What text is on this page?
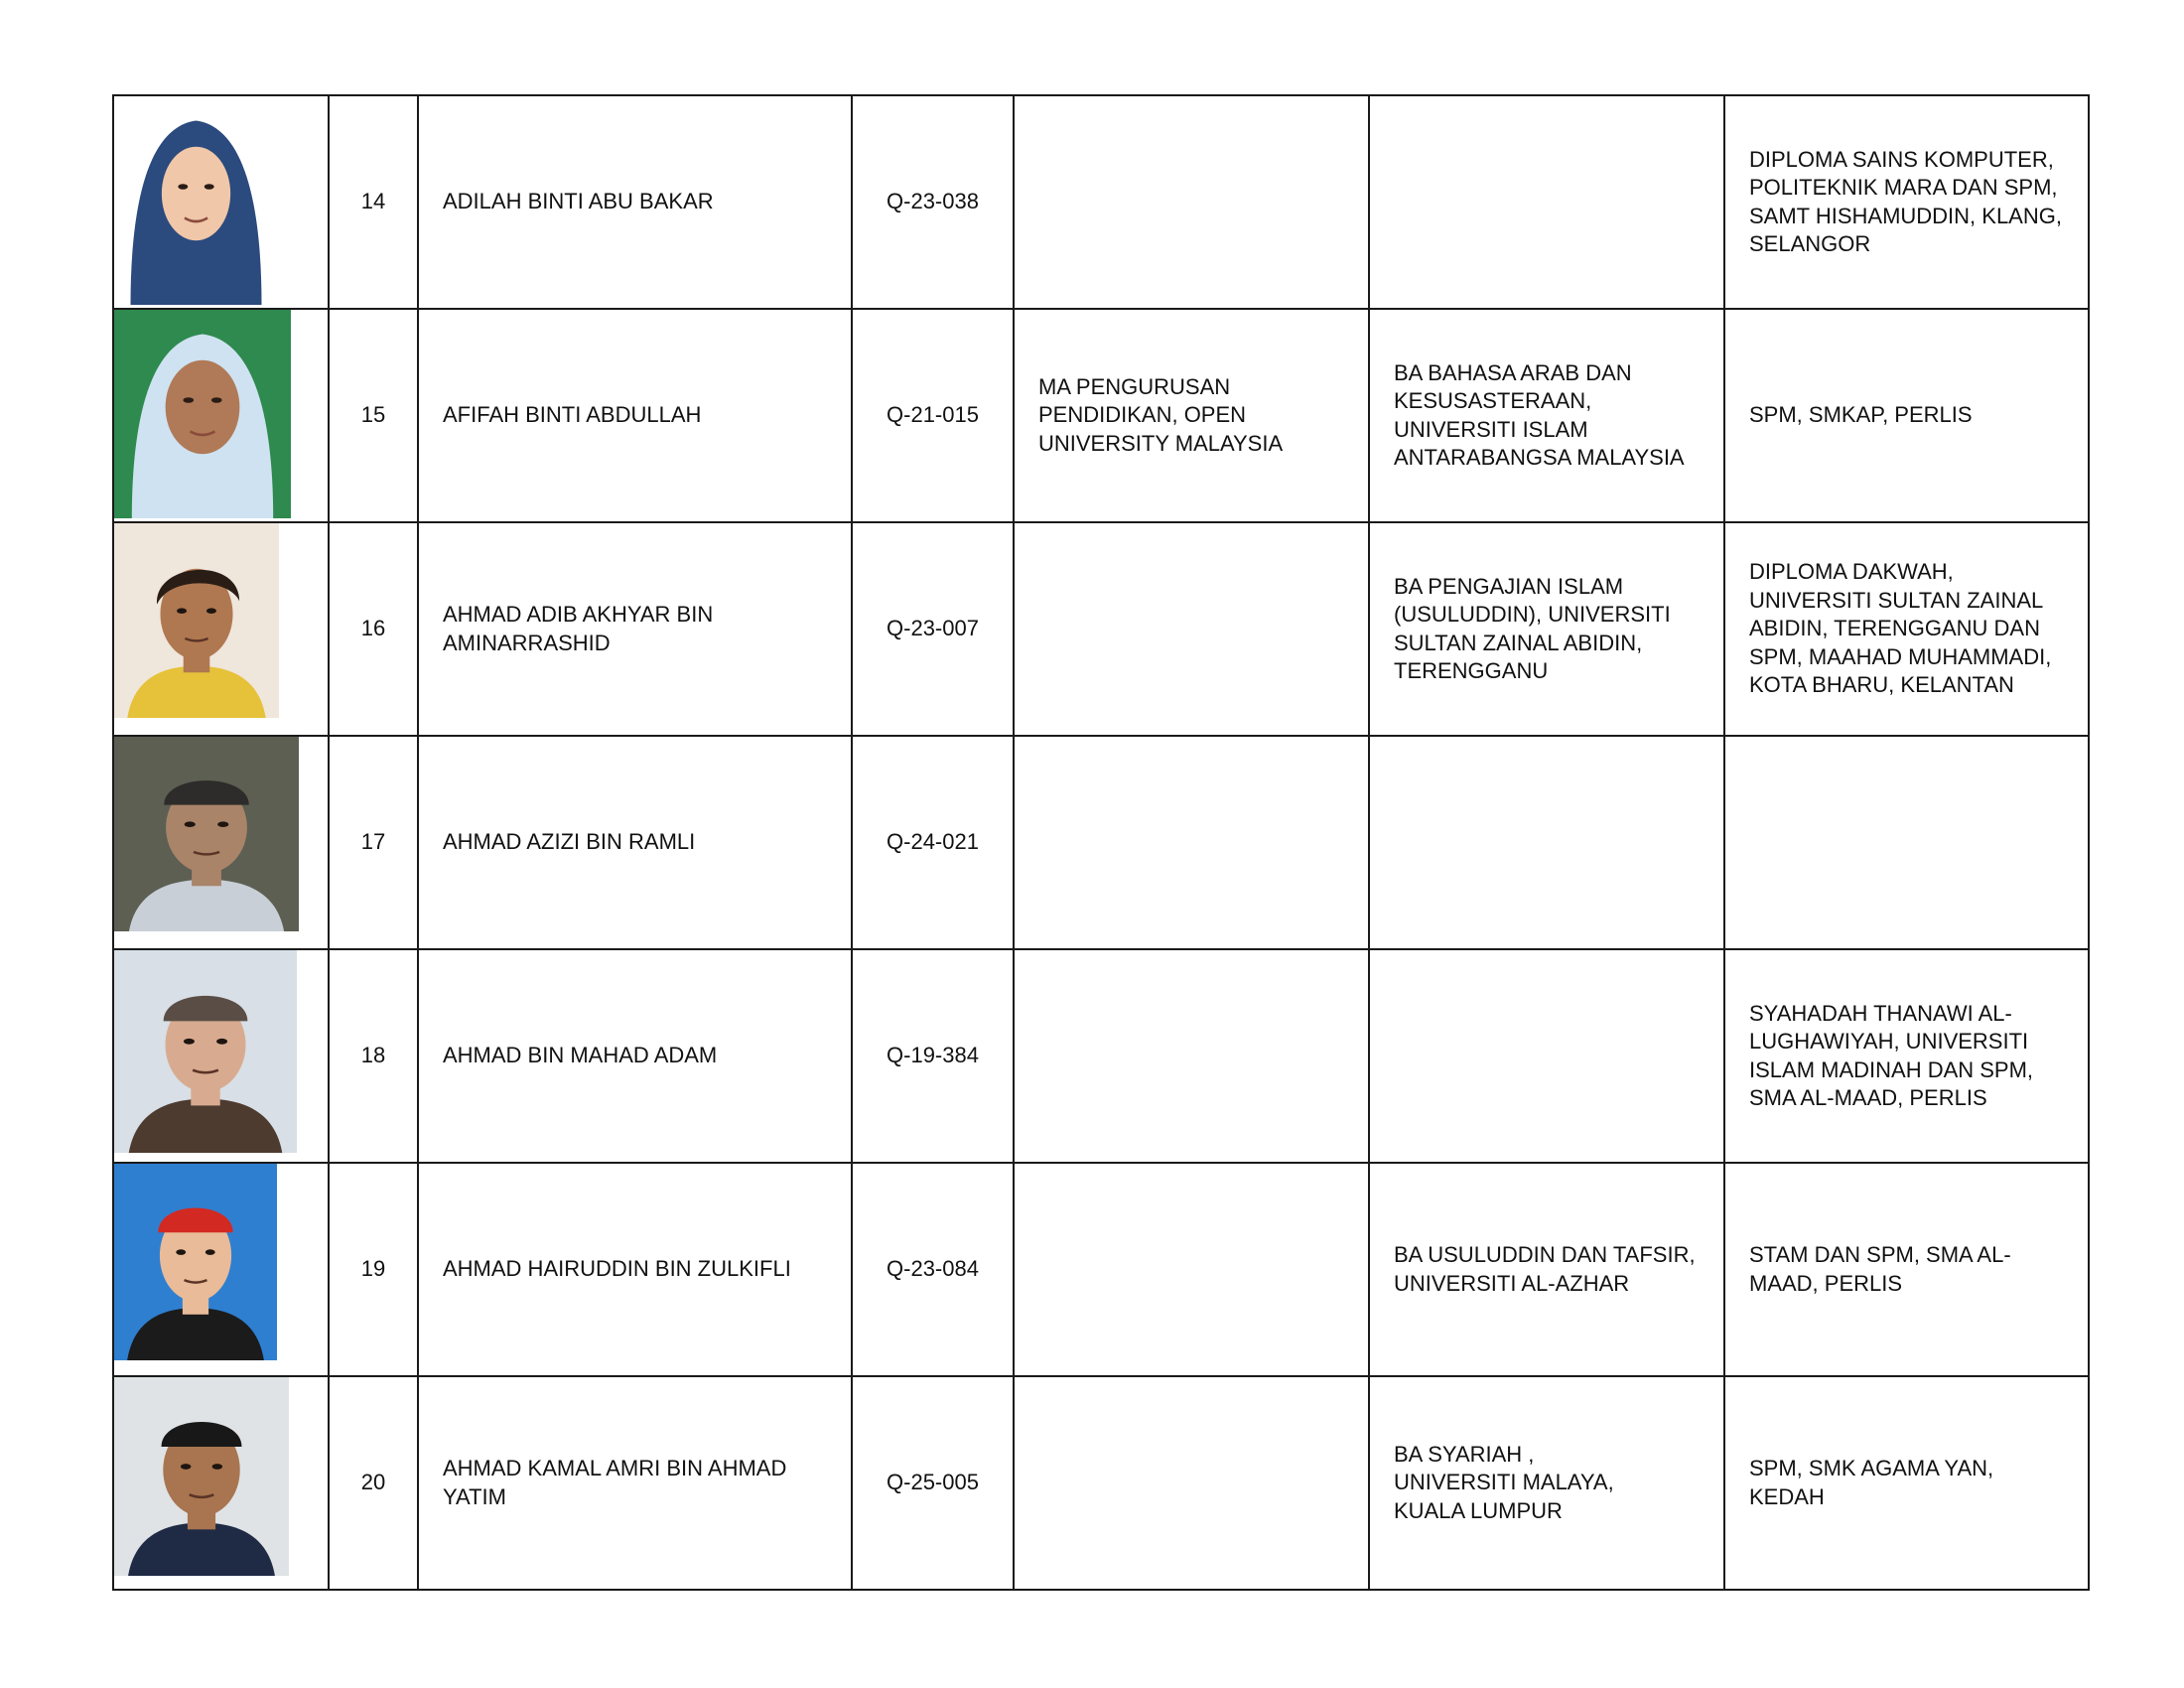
	14	ADILAH BINTI ABU BAKAR	Q-23-038			DIPLOMA SAINS KOMPUTER,
POLITEKNIK MARA DAN SPM,
SAMT HISHAMUDDIN, KLANG,
SELANGOR

	15	AFIFAH BINTI ABDULLAH	Q-21-015	MA PENGURUSAN
PENDIDIKAN, OPEN
UNIVERSITY MALAYSIA	BA BAHASA ARAB DAN
KESUSASTERAAN,
UNIVERSITI ISLAM
ANTARABANGSA MALAYSIA	SPM, SMKAP, PERLIS

	16	AHMAD ADIB AKHYAR BIN
AMINARRASHID	Q-23-007		BA PENGAJIAN ISLAM
(USULUDDIN), UNIVERSITI
SULTAN ZAINAL ABIDIN,
TERENGGANU	DIPLOMA DAKWAH,
UNIVERSITI SULTAN ZAINAL
ABIDIN, TERENGGANU DAN
SPM, MAAHAD MUHAMMADI,
KOTA BHARU, KELANTAN

	17	AHMAD AZIZI BIN RAMLI	Q-24-021			

	18	AHMAD BIN MAHAD ADAM	Q-19-384			SYAHADAH THANAWI AL-
LUGHAWIYAH, UNIVERSITI
ISLAM MADINAH DAN SPM,
SMA AL-MAAD, PERLIS

	19	AHMAD HAIRUDDIN BIN ZULKIFLI	Q-23-084		BA USULUDDIN DAN TAFSIR,
UNIVERSITI AL-AZHAR	STAM DAN SPM, SMA AL-
MAAD, PERLIS

	20	AHMAD KAMAL AMRI BIN AHMAD
YATIM	Q-25-005		BA SYARIAH ,
UNIVERSITI MALAYA,
KUALA LUMPUR	SPM, SMK AGAMA YAN,
KEDAH
